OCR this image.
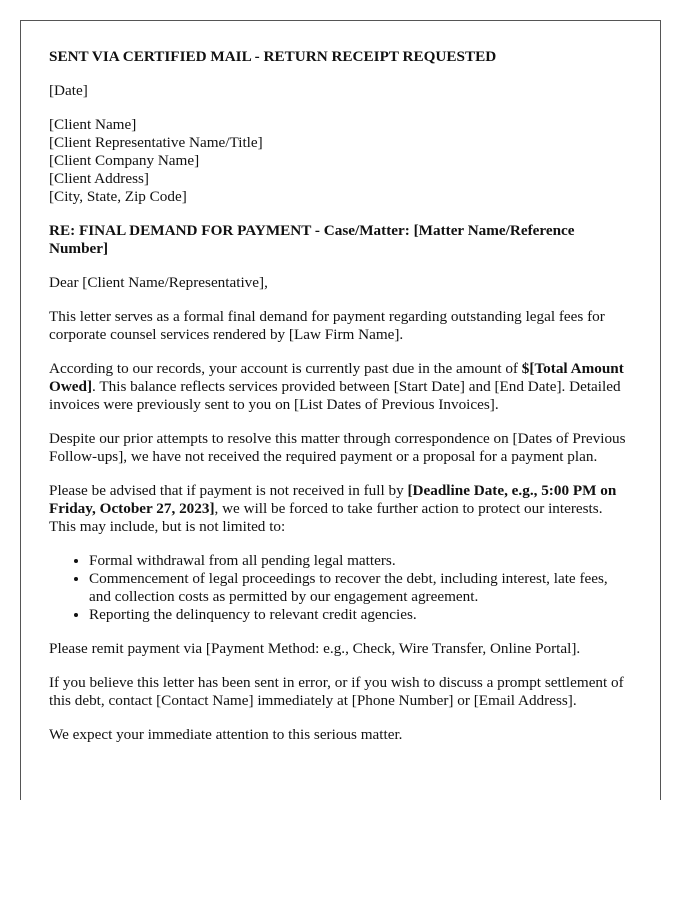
SENT VIA CERTIFIED MAIL - RETURN RECEIPT REQUESTED

[Date]

[Client Name]

[Client Representative Name/Title]

[Client Company Name]

[Client Address]

[City, State, Zip Code]

RE: FINAL DEMAND FOR PAYMENT - Case/Matter: [Matter Name/Reference Number]

Dear [Client Name/Representative],

This letter serves as a formal final demand for payment regarding outstanding legal fees for corporate counsel services rendered by [Law Firm Name].

According to our records, your account is currently past due in the amount of $[Total Amount Owed]. This balance reflects services provided between [Start Date] and [End Date]. Detailed invoices were previously sent to you on [List Dates of Previous Invoices].

Despite our prior attempts to resolve this matter through correspondence on [Dates of Previous Follow-ups], we have not received the required payment or a proposal for a payment plan.

Please be advised that if payment is not received in full by [Deadline Date, e.g., 5:00 PM on Friday, October 27, 2023], we will be forced to take further action to protect our interests. This may include, but is not limited to:

• Formal withdrawal from all pending legal matters.
• Commencement of legal proceedings to recover the debt, including interest, late fees, and collection costs as permitted by our engagement agreement.
• Reporting the delinquency to relevant credit agencies.

Please remit payment via [Payment Method: e.g., Check, Wire Transfer, Online Portal].

If you believe this letter has been sent in error, or if you wish to discuss a prompt settlement of this debt, contact [Contact Name] immediately at [Phone Number] or [Email Address].

We expect your immediate attention to this serious matter.
